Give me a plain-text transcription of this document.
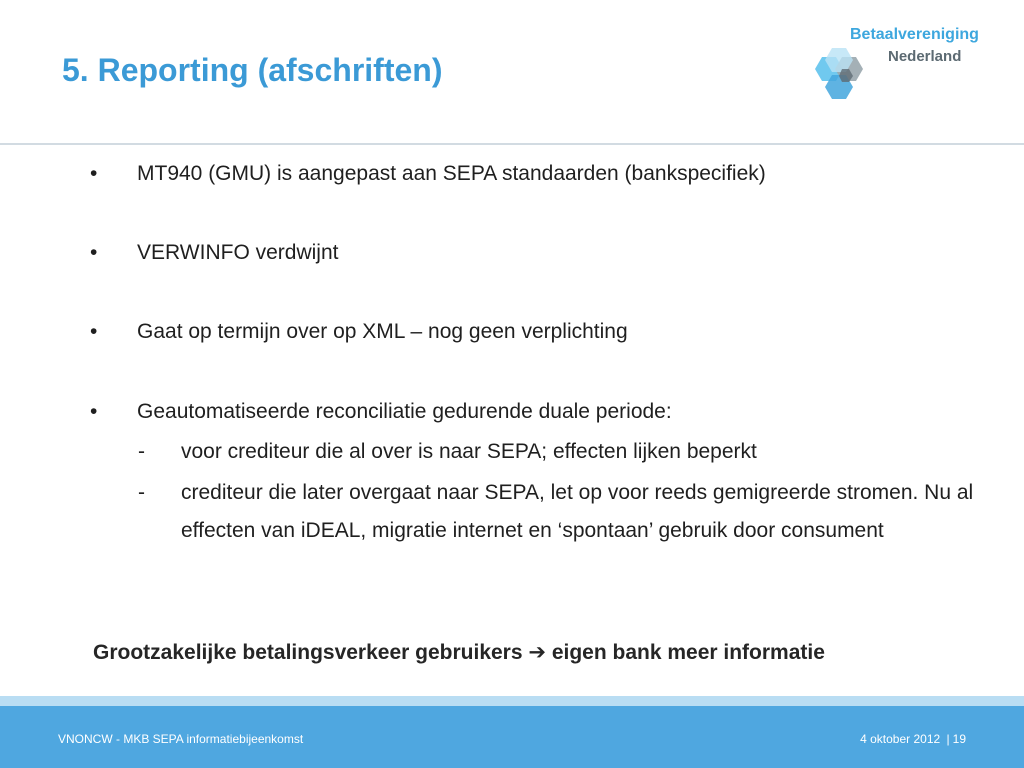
5. Reporting (afschriften)
Betaalvereniging
Nederland
•	MT940 (GMU) is aangepast aan SEPA standaarden (bankspecifiek)
•	VERWINFO verdwijnt
•	Gaat op termijn over op XML – nog geen verplichting
•	Geautomatiseerde reconciliatie gedurende duale periode:
-	voor crediteur die al over is naar SEPA; effecten lijken beperkt
-	crediteur die later overgaat naar SEPA, let op voor reeds gemigreerde stromen. Nu al effecten van iDEAL, migratie internet en ‘spontaan’ gebruik door consument
Grootzakelijke betalingsverkeer gebruikers ➔ eigen bank meer informatie
VNONCW - MKB SEPA informatiebijeenkomst	4 oktober 2012 | 19
